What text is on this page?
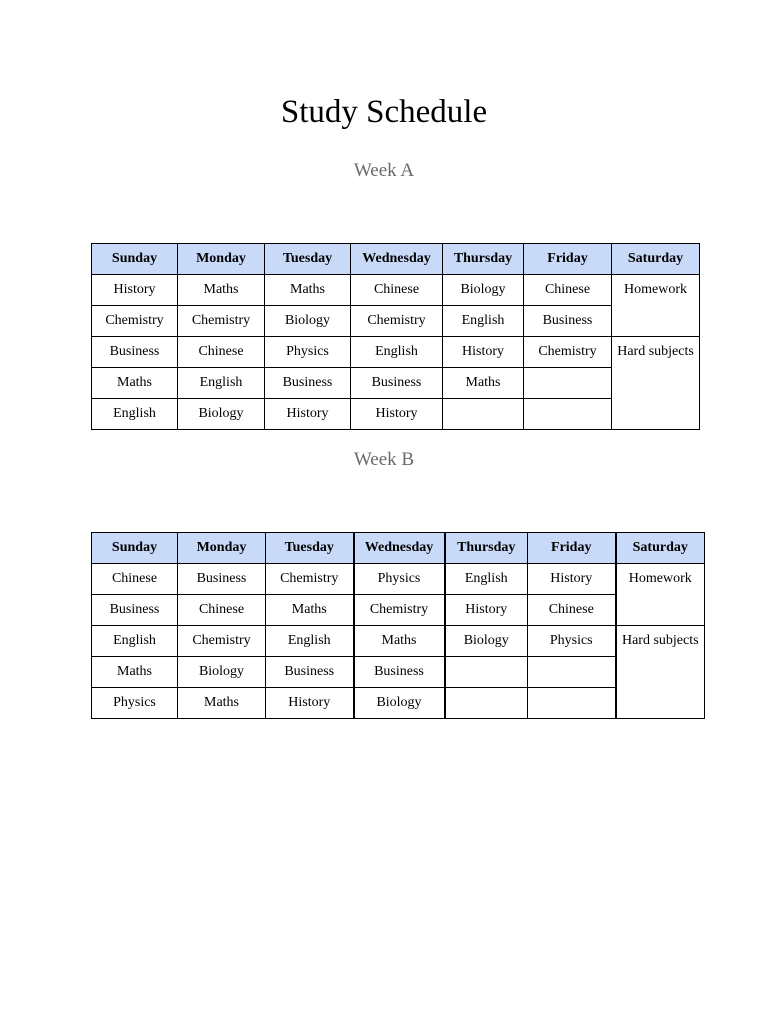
Study Schedule
Week A
Sunday	Monday	Tuesday	Wednesday	Thursday	Friday	Saturday
History	Maths	Maths	Chinese	Biology	Chinese	Homework
Chemistry	Chemistry	Biology	Chemistry	English	Business	
Business	Chinese	Physics	English	History	Chemistry	Hard subjects
Maths	English	Business	Business	Maths		
English	Biology	History	History			
Week B
Sunday	Monday	Tuesday	Wednesday	Thursday	Friday	Saturday
Chinese	Business	Chemistry	Physics	English	History	Homework
Business	Chinese	Maths	Chemistry	History	Chinese	
English	Chemistry	English	Maths	Biology	Physics	Hard subjects
Maths	Biology	Business	Business			
Physics	Maths	History	Biology			
